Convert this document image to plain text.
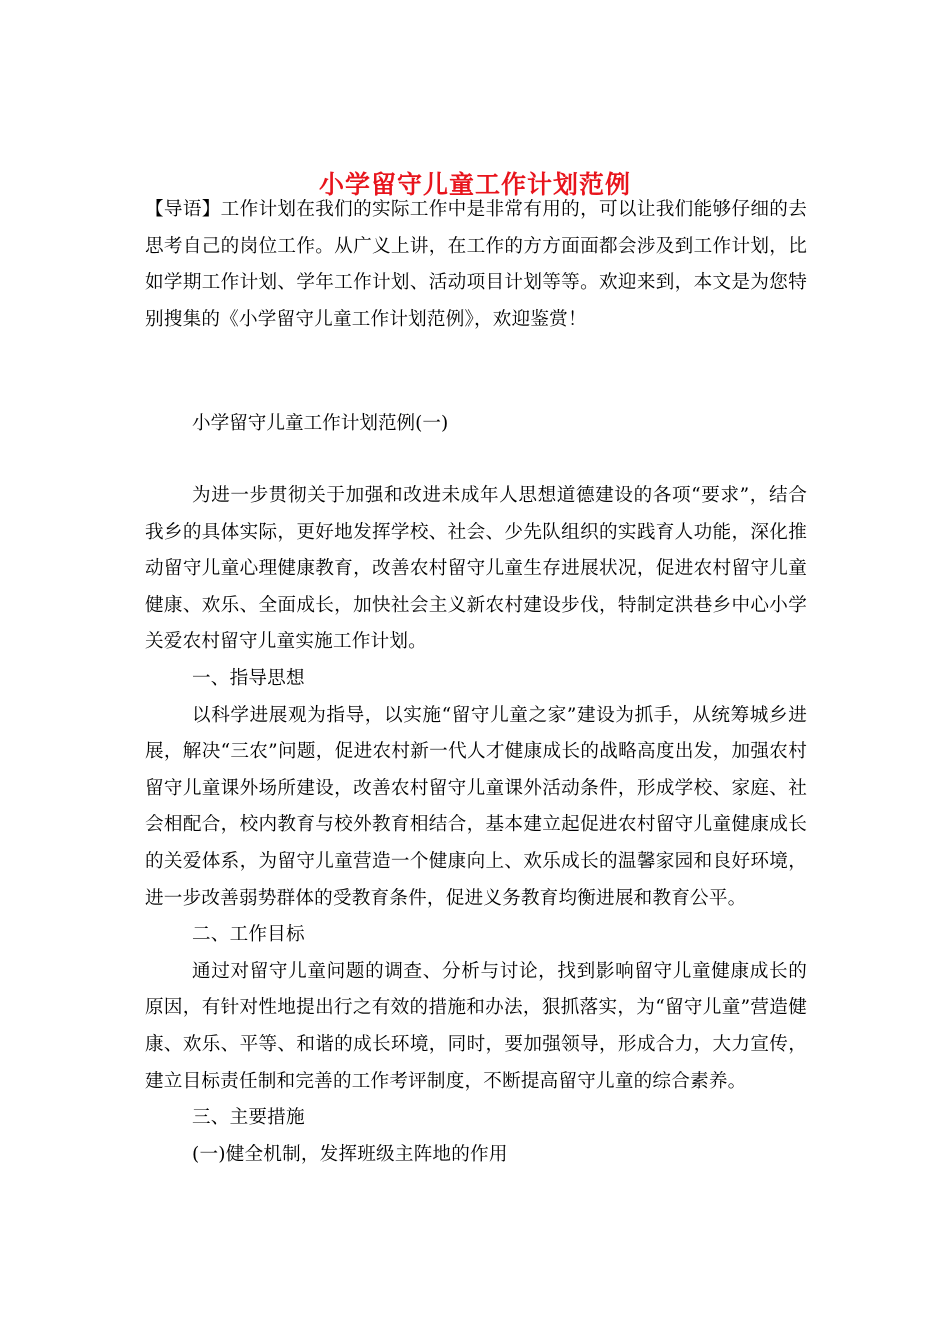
小学留守儿童工作计划范例

【导语】工作计划在我们的实际工作中是非常有用的，可以让我们能够仔细的去思考自己的岗位工作。从广义上讲，在工作的方方面面都会涉及到工作计划，比如学期工作计划、学年工作计划、活动项目计划等等。欢迎来到，本文是为您特别搜集的《小学留守儿童工作计划范例》，欢迎鉴赏！

小学留守儿童工作计划范例(一)

为进一步贯彻关于加强和改进未成年人思想道德建设的各项“要求”，结合我乡的具体实际，更好地发挥学校、社会、少先队组织的实践育人功能，深化推动留守儿童心理健康教育，改善农村留守儿童生存进展状况，促进农村留守儿童健康、欢乐、全面成长，加快社会主义新农村建设步伐，特制定洪巷乡中心小学关爱农村留守儿童实施工作计划。

一、指导思想

以科学进展观为指导，以实施“留守儿童之家”建设为抓手，从统筹城乡进展，解决“三农”问题，促进农村新一代人才健康成长的战略高度出发，加强农村留守儿童课外场所建设，改善农村留守儿童课外活动条件，形成学校、家庭、社会相配合，校内教育与校外教育相结合，基本建立起促进农村留守儿童健康成长的关爱体系，为留守儿童营造一个健康向上、欢乐成长的温馨家园和良好环境，进一步改善弱势群体的受教育条件，促进义务教育均衡进展和教育公平。

二、工作目标

通过对留守儿童问题的调查、分析与讨论，找到影响留守儿童健康成长的原因，有针对性地提出行之有效的措施和办法，狠抓落实，为“留守儿童”营造健康、欢乐、平等、和谐的成长环境，同时，要加强领导，形成合力，大力宣传，建立目标责任制和完善的工作考评制度，不断提高留守儿童的综合素养。

三、主要措施

(一)健全机制，发挥班级主阵地的作用
